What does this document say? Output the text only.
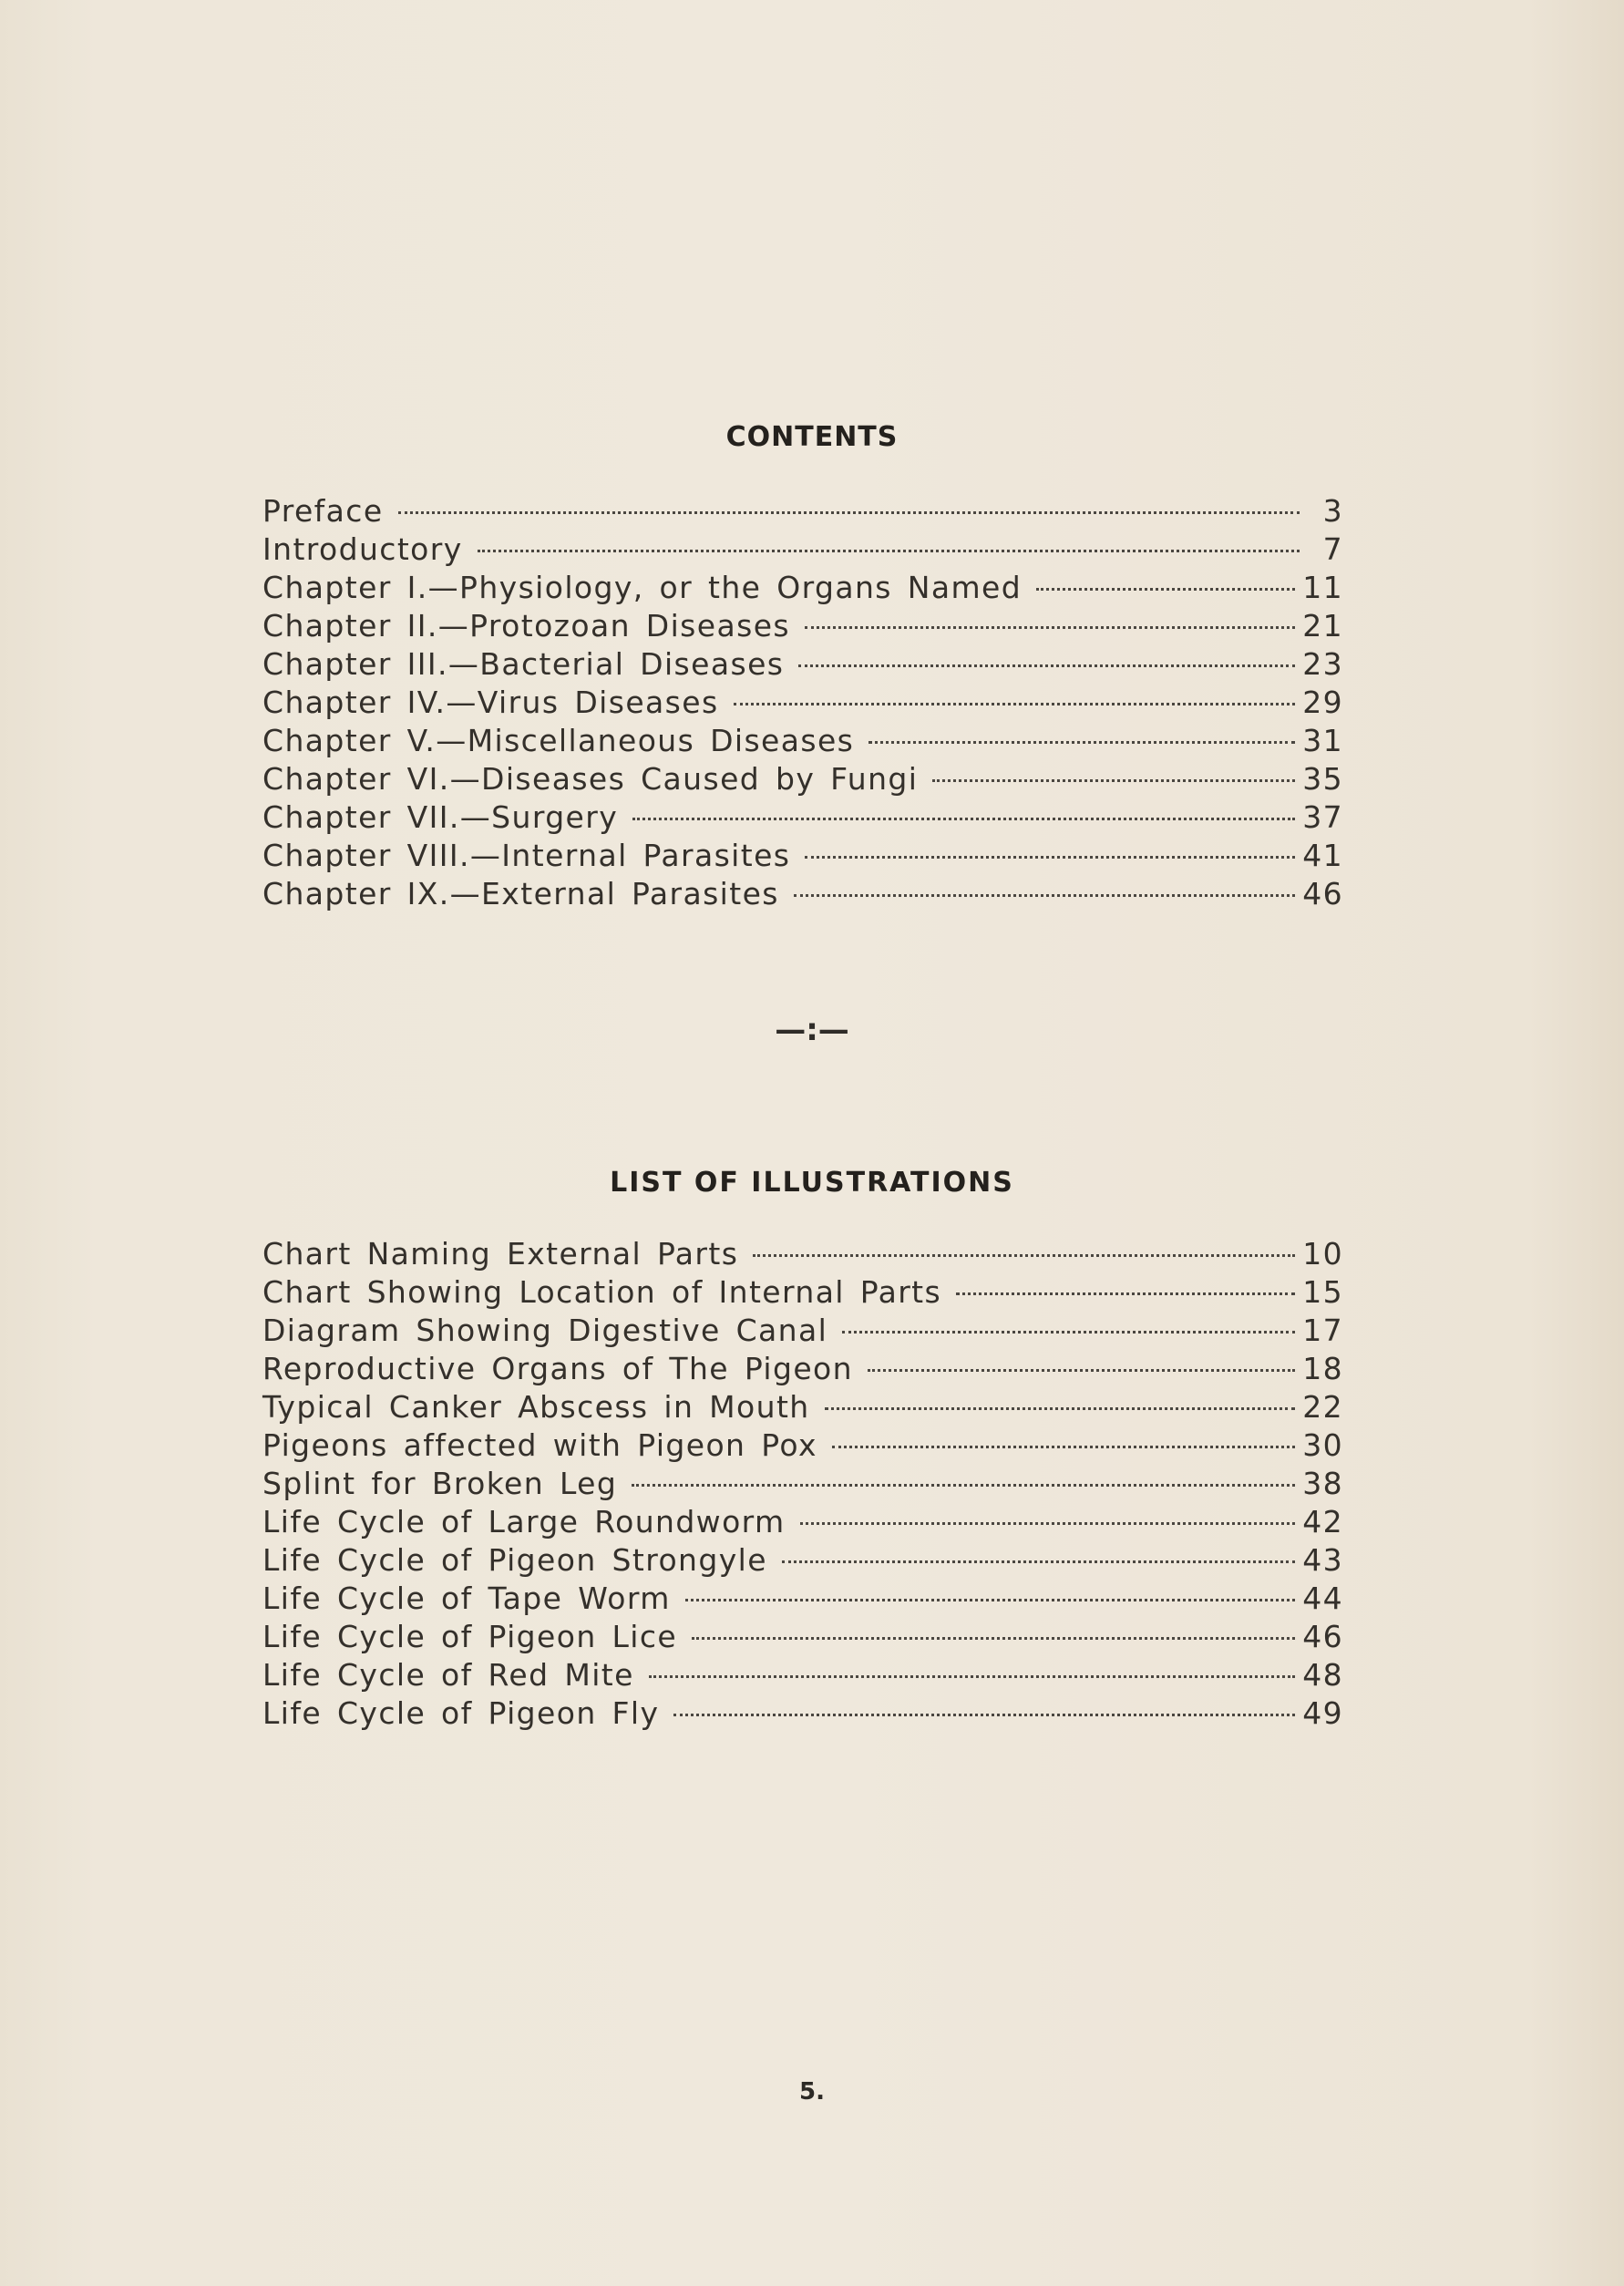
CONTENTS
Preface	3
Introductory	7
Chapter I.—Physiology, or the Organs Named	11
Chapter II.—Protozoan Diseases	21
Chapter III.—Bacterial Diseases	23
Chapter IV.—Virus Diseases	29
Chapter V.—Miscellaneous Diseases	31
Chapter VI.—Diseases Caused by Fungi	35
Chapter VII.—Surgery	37
Chapter VIII.—Internal Parasites	41
Chapter IX.—External Parasites	46
—:—
LIST OF ILLUSTRATIONS
Chart Naming External Parts	10
Chart Showing Location of Internal Parts	15
Diagram Showing Digestive Canal	17
Reproductive Organs of The Pigeon	18
Typical Canker Abscess in Mouth	22
Pigeons affected with Pigeon Pox	30
Splint for Broken Leg	38
Life Cycle of Large Roundworm	42
Life Cycle of Pigeon Strongyle	43
Life Cycle of Tape Worm	44
Life Cycle of Pigeon Lice	46
Life Cycle of Red Mite	48
Life Cycle of Pigeon Fly	49
5.
